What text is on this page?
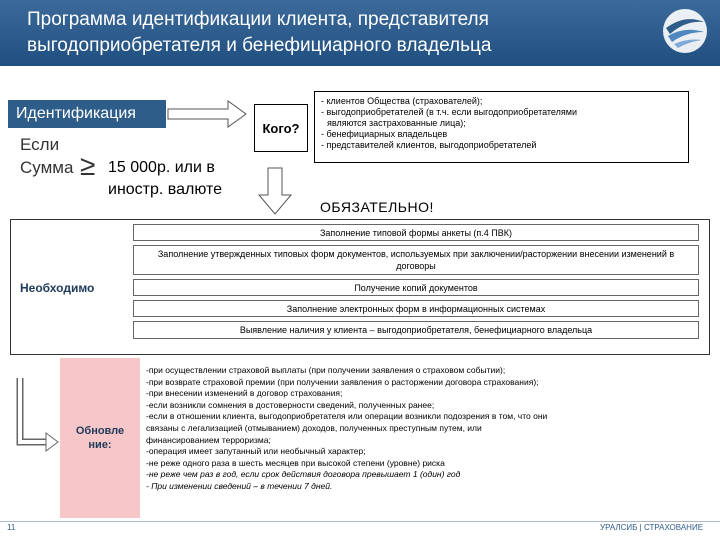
Программа идентификации клиента, представителя выгодоприобретателя и бенефициарного владельца
Идентификация
Если
Сумма ≥ 15 000р. или в
иностр. валюте
Кого?
- клиентов Общества (страхователей);
- выгодоприобретателей (в т.ч. если выгодоприобретателями
являются застрахованные лица);
- бенефициарных владельцев
- представителей клиентов, выгодоприобретателей
ОБЯЗАТЕЛЬНО!
Необходимо
Заполнение типовой формы анкеты (п.4 ПВК)
Заполнение утвержденных типовых форм документов, используемых при заключении/расторжении внесении изменений в договоры
Получение копий документов
Заполнение электронных форм в информационных системах
Выявление наличия у клиента – выгодоприобретателя, бенефициарного владельца
Обновле ние:
-при осуществлении страховой выплаты (при получении заявления о страховом событии);
-при возврате страховой премии (при получении заявления о расторжении договора страхования);
-при внесении изменений в договор страхования;
-если возникли сомнения в достоверности сведений, полученных ранее;
-если в отношении клиента, выгодоприобретателя или операции возникли подозрения в том, что они
связаны с легализацией (отмыванием) доходов, полученных преступным путем, или
финансированием терроризма;
-операция имеет запутанный или необычный характер;
-не реже одного раза в шесть месяцев при высокой степени (уровне) риска
-не реже чем раз в год, если срок действия договора превышает 1 (один) год
- При изменении сведений – в течении 7 дней.
11	УРАЛСИБ | СТРАХОВАНИЕ
